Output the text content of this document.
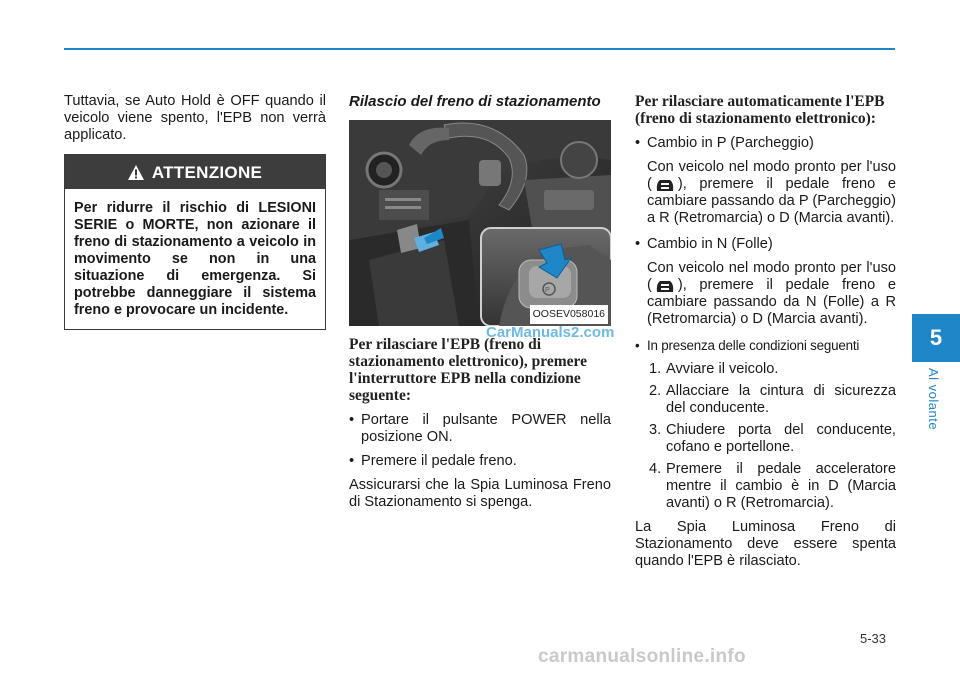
Tuttavia, se Auto Hold è OFF quando il veicolo viene spento, l'EPB non verrà applicato.

ATTENZIONE
Per ridurre il rischio di LESIONI SERIE o MORTE, non azionare il freno di stazionamento a veicolo in movimento se non in una situazione di emergenza. Si potrebbe danneggiare il sistema freno e provocare un incidente.
Rilascio del freno di stazionamento
P
OOSEV058016
CarManuals2.com
Per rilasciare l'EPB (freno di stazionamento elettronico), premere l'interruttore EPB nella condizione seguente:
• Portare il pulsante POWER nella posizione ON.
• Premere il pedale freno.

Assicurarsi che la Spia Luminosa Freno di Stazionamento si spenga.

Per rilasciare automaticamente l'EPB (freno di stazionamento elettronico):
• Cambio in P (Parcheggio)
Con veicolo nel modo pronto per l'uso ( ), premere il pedale freno e cambiare passando da P (Parcheggio) a R (Retromarcia) o D (Marcia avanti).
• Cambio in N (Folle)
Con veicolo nel modo pronto per l'uso ( ), premere il pedale freno e cambiare passando da N (Folle) a R (Retromarcia) o D (Marcia avanti).
• In presenza delle condizioni seguenti
1. Avviare il veicolo.
2. Allacciare la cintura di sicurezza del conducente.
3. Chiudere porta del conducente, cofano e portellone.
4. Premere il pedale acceleratore mentre il cambio è in D (Marcia avanti) o R (Retromarcia).

La Spia Luminosa Freno di Stazionamento deve essere spenta quando l'EPB è rilasciato.

5
Al volante
5-33
carmanualsonline.info
